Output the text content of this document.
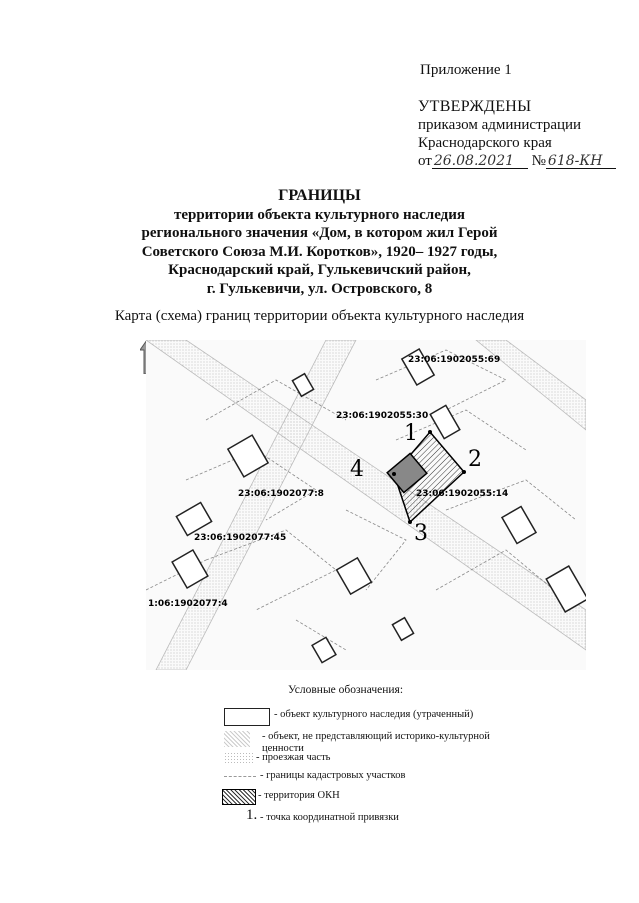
Приложение 1
УТВЕРЖДЕНЫ
приказом администрации
Краснодарского края
от 26.08.2021 № 618-КН
ГРАНИЦЫ
территории объекта культурного наследия
регионального значения «Дом, в котором жил Герой
Советского Союза М.И. Коротков», 1920– 1927 годы,
Краснодарский край, Гулькевичский район,
г. Гулькевичи, ул. Островского, 8
Карта (схема) границ территории объекта культурного наследия
23:06:1902055:69
23:06:1902055:30
23:06:1902055:14
23:06:1902077:8
23:06:1902077:45
1:06:1902077:4
1
2
3
4
Условные обозначения:
- объект культурного наследия (утраченный)
- объект, не представляющий историко-культурной ценности
- проезжая часть
- границы кадастровых участков
- территория ОКН
1. - точка координатной привязки
